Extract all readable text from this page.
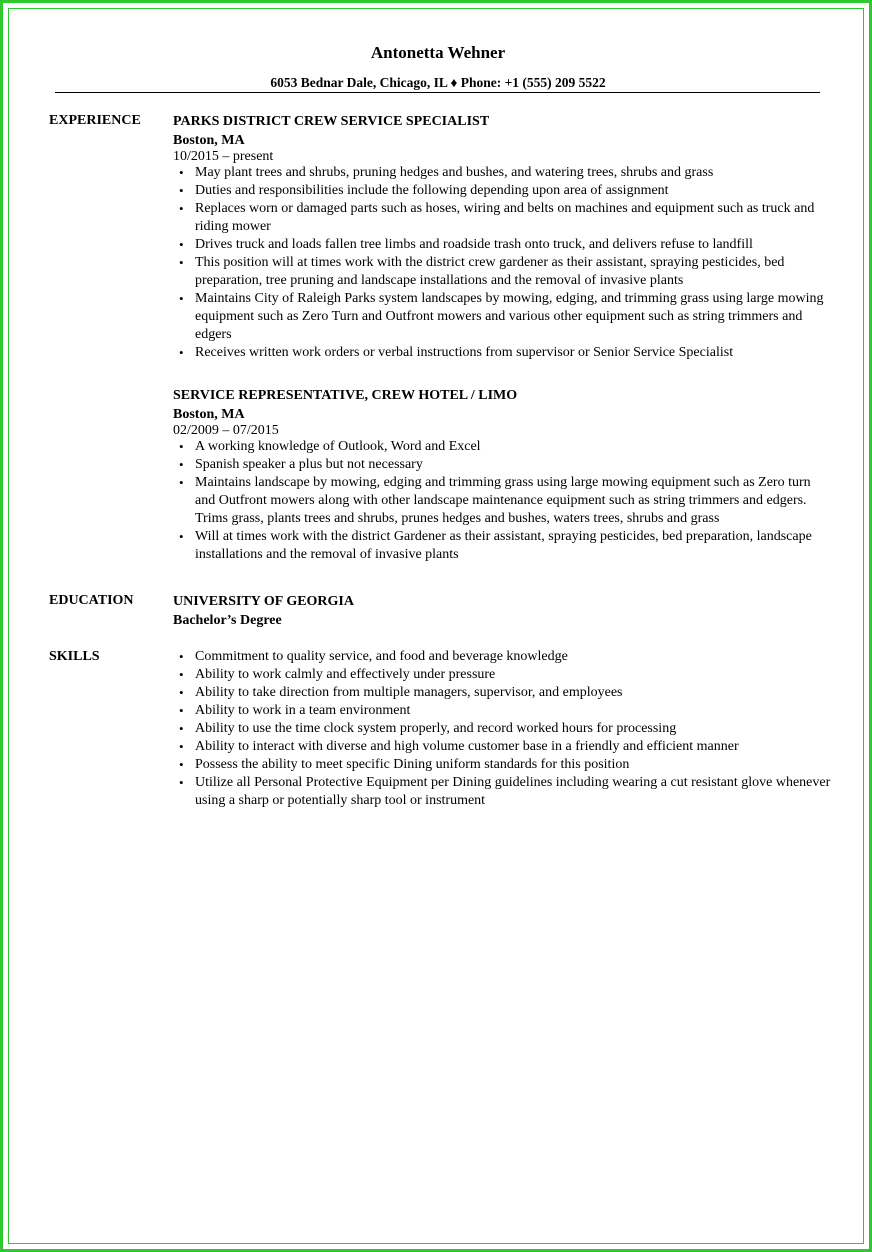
Antonetta Wehner
6053 Bednar Dale, Chicago, IL ♦ Phone: +1 (555) 209 5522
EXPERIENCE PARKS DISTRICT CREW SERVICE SPECIALIST
Boston, MA
10/2015 – present
• May plant trees and shrubs, pruning hedges and bushes, and watering trees, shrubs and grass
• Duties and responsibilities include the following depending upon area of assignment
• Replaces worn or damaged parts such as hoses, wiring and belts on machines and equipment such as truck and riding mower
• Drives truck and loads fallen tree limbs and roadside trash onto truck, and delivers refuse to landfill
• This position will at times work with the district crew gardener as their assistant, spraying pesticides, bed preparation, tree pruning and landscape installations and the removal of invasive plants
• Maintains City of Raleigh Parks system landscapes by mowing, edging, and trimming grass using large mowing equipment such as Zero Turn and Outfront mowers and various other equipment such as string trimmers and edgers
• Receives written work orders or verbal instructions from supervisor or Senior Service Specialist
SERVICE REPRESENTATIVE, CREW HOTEL / LIMO
Boston, MA
02/2009 – 07/2015
• A working knowledge of Outlook, Word and Excel
• Spanish speaker a plus but not necessary
• Maintains landscape by mowing, edging and trimming grass using large mowing equipment such as Zero turn and Outfront mowers along with other landscape maintenance equipment such as string trimmers and edgers. Trims grass, plants trees and shrubs, prunes hedges and bushes, waters trees, shrubs and grass
• Will at times work with the district Gardener as their assistant, spraying pesticides, bed preparation, landscape installations and the removal of invasive plants
EDUCATION	UNIVERSITY OF GEORGIA
Bachelor’s Degree
SKILLS
•	Commitment to quality service, and food and beverage knowledge
• Ability to work calmly and effectively under pressure
• Ability to take direction from multiple managers, supervisor, and employees
• Ability to work in a team environment
• Ability to use the time clock system properly, and record worked hours for processing
• Ability to interact with diverse and high volume customer base in a friendly and efficient manner
• Possess the ability to meet specific Dining uniform standards for this position
• Utilize all Personal Protective Equipment per Dining guidelines including wearing a cut resistant glove whenever using a sharp or potentially sharp tool or instrument
